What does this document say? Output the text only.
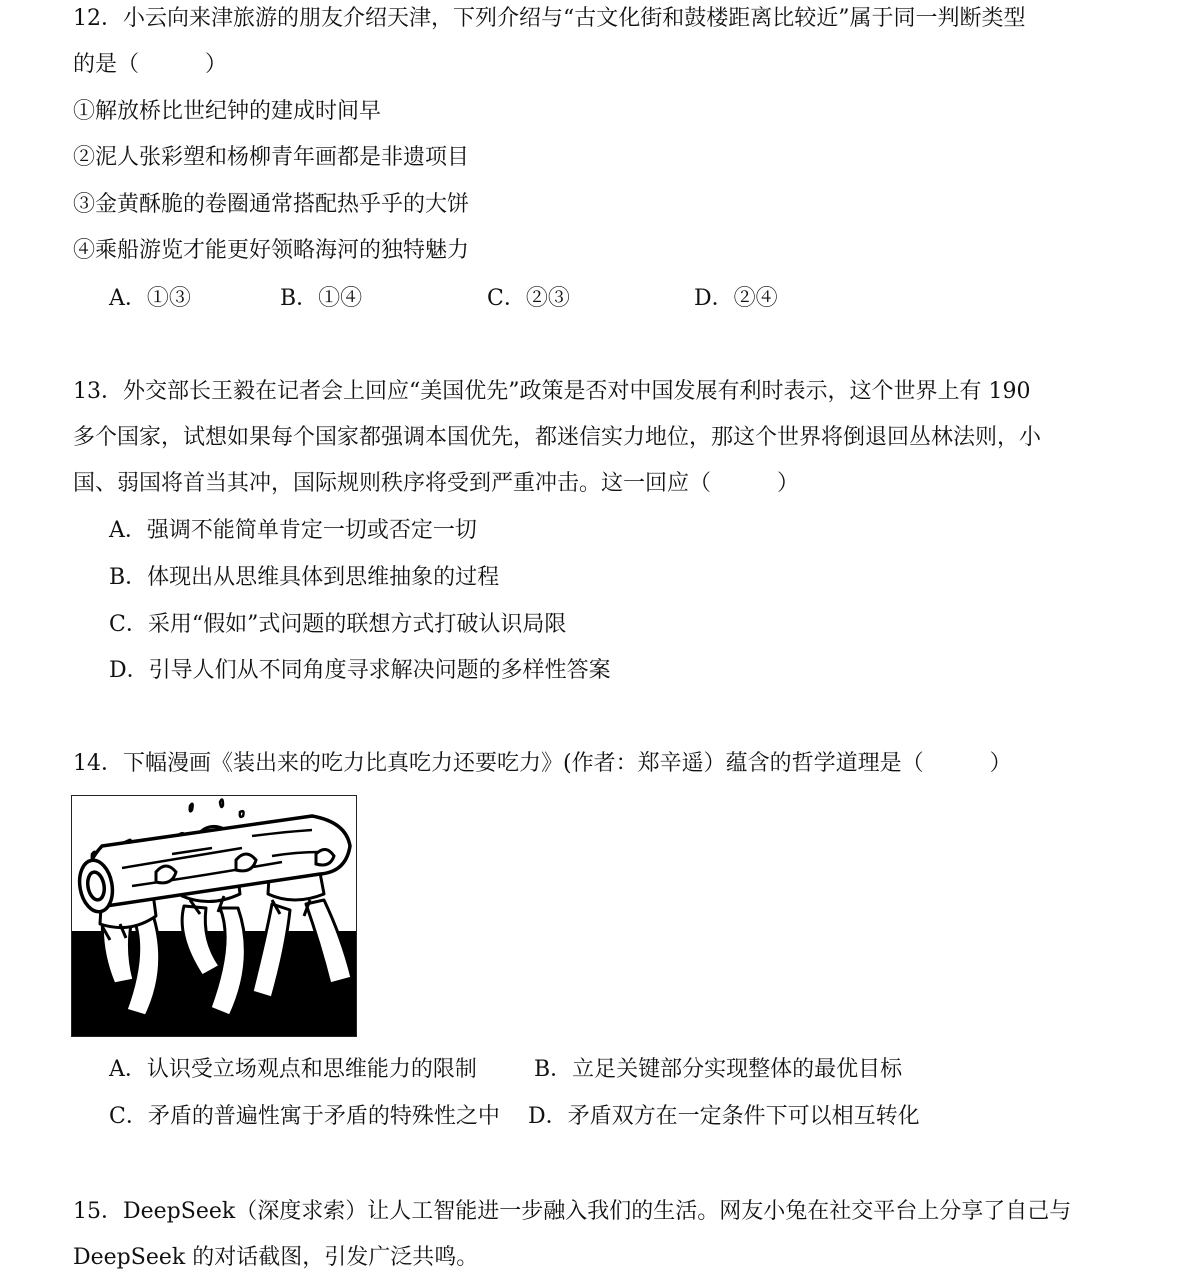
12．小云向来津旅游的朋友介绍天津，下列介绍与“古文化街和鼓楼距离比较近”属于同一判断类型
的是（　　　）
①解放桥比世纪钟的建成时间早
②泥人张彩塑和杨柳青年画都是非遗项目
③金黄酥脆的卷圈通常搭配热乎乎的大饼
④乘船游览才能更好领略海河的独特魅力
A．①③	B．①④	C．②③	D．②④
13．外交部长王毅在记者会上回应“美国优先”政策是否对中国发展有利时表示，这个世界上有 190
多个国家，试想如果每个国家都强调本国优先，都迷信实力地位，那这个世界将倒退回丛林法则，小
国、弱国将首当其冲，国际规则秩序将受到严重冲击。这一回应（　　　）
A．强调不能简单肯定一切或否定一切
B．体现出从思维具体到思维抽象的过程
C．采用“假如”式问题的联想方式打破认识局限
D．引导人们从不同角度寻求解决问题的多样性答案
14．下幅漫画《装出来的吃力比真吃力还要吃力》(作者：郑辛遥）蕴含的哲学道理是（　　　）
A．认识受立场观点和思维能力的限制	B．立足关键部分实现整体的最优目标
C．矛盾的普遍性寓于矛盾的特殊性之中 D．矛盾双方在一定条件下可以相互转化
15．DeepSeek（深度求索）让人工智能进一步融入我们的生活。网友小兔在社交平台上分享了自己与
DeepSeek 的对话截图，引发广泛共鸣。
